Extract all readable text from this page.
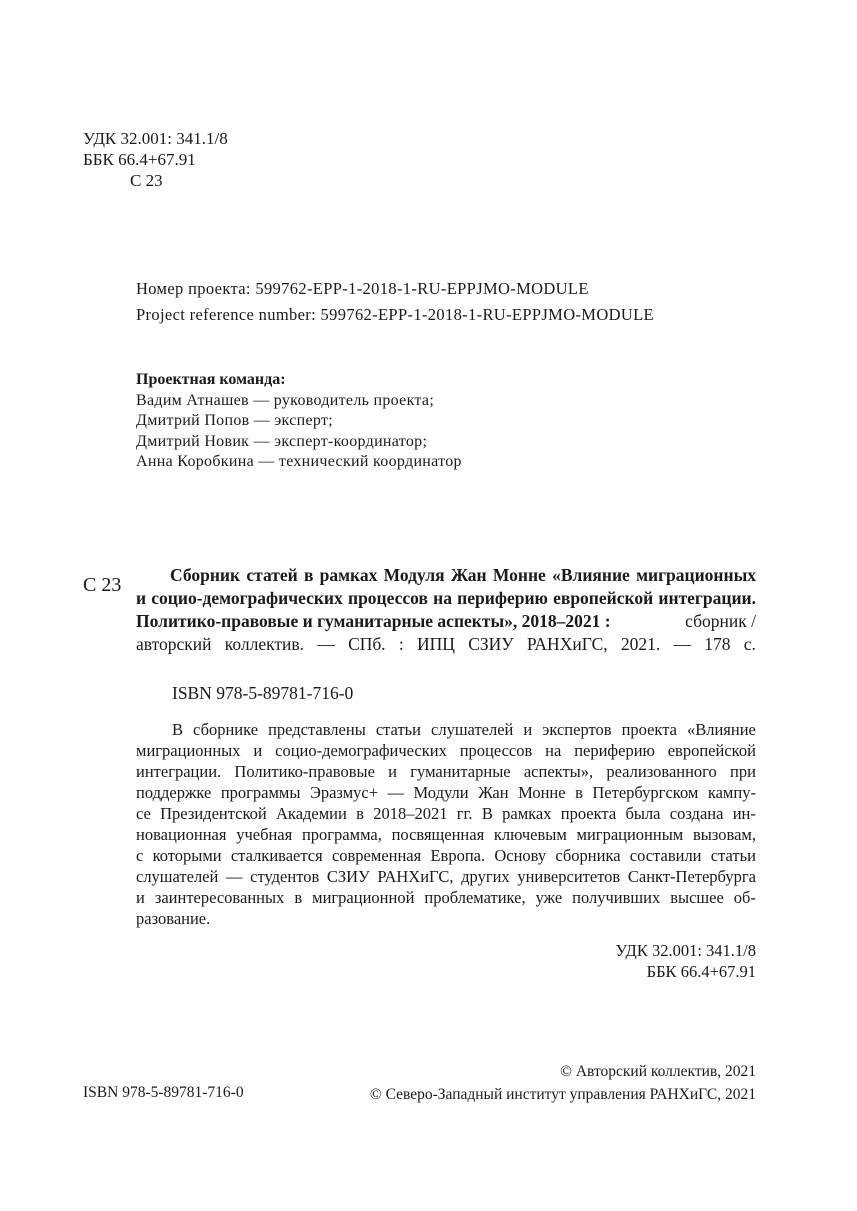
УДК 32.001: 341.1/8
ББК 66.4+67.91
С 23
Номер проекта: 599762-EPP-1-2018-1-RU-EPPJMO-MODULE
Project reference number: 599762-EPP-1-2018-1-RU-EPPJMO-MODULE
Проектная команда:
Вадим Атнашев — руководитель проекта;
Дмитрий Попов — эксперт;
Дмитрий Новик — эксперт-координатор;
Анна Коробкина — технический координатор
С 23	Сборник статей в рамках Модуля Жан Монне «Влияние миграционных
и социо-демографических процессов на периферию европейской интеграции.
Политико-правовые и гуманитарные аспекты», 2018–2021 :	сборник /
авторский коллектив. — СПб. : ИПЦ СЗИУ РАНХиГС, 2021. — 178 с.
ISBN 978-5-89781-716-0
В сборнике представлены статьи слушателей и экспертов проекта «Влияние
миграционных и социо-демографических процессов на периферию европейской
интеграции. Политико-правовые и гуманитарные аспекты», реализованного при
поддержке программы Эразмус+ — Модули Жан Монне в Петербургском кампу-
се Президентской Академии в 2018–2021 гг. В рамках проекта была создана ин-
новационная учебная программа, посвященная ключевым миграционным вызовам,
с которыми сталкивается современная Европа. Основу сборника составили статьи
слушателей — студентов СЗИУ РАНХиГС, других университетов Санкт-Петербурга
и заинтересованных в миграционной проблематике, уже получивших высшее об-
разование.
УДК 32.001: 341.1/8
ББК 66.4+67.91
ISBN 978-5-89781-716-0
© Авторский коллектив, 2021
© Северо-Западный институт управления РАНХиГС, 2021
